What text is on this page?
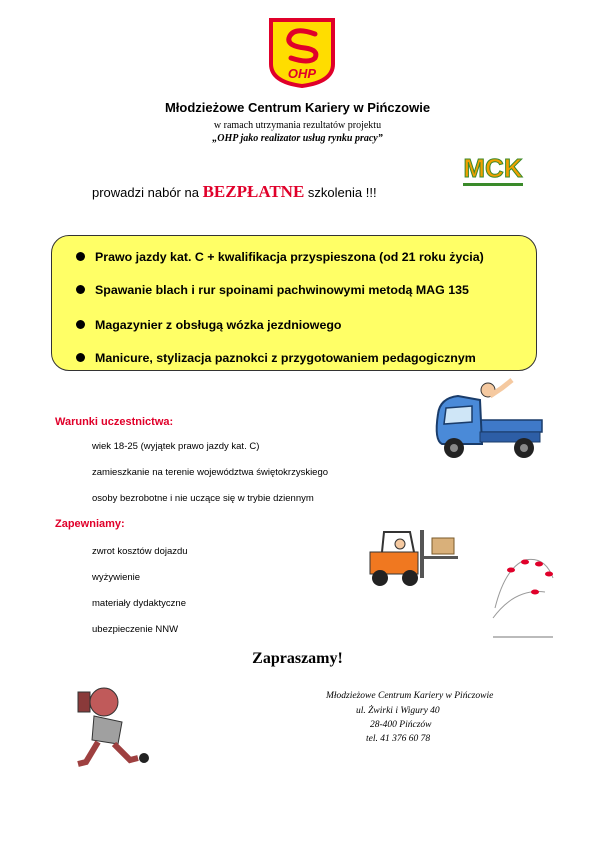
OHP
Młodzieżowe Centrum Kariery w Pińczowie
w ramach utrzymania rezultatów projektu
„OHP jako realizator usług rynku pracy”
MCK
prowadzi nabór na BEZPŁATNE szkolenia !!!
Prawo jazdy kat. C + kwalifikacja przyspieszona (od 21 roku życia)
Spawanie blach i rur spoinami pachwinowymi metodą MAG 135
Magazynier z obsługą wózka jezdniowego
Manicure, stylizacja paznokci z przygotowaniem pedagogicznym
Warunki uczestnictwa:
wiek 18-25 (wyjątek prawo jazdy kat. C)
zamieszkanie na terenie województwa świętokrzyskiego
osoby bezrobotne i nie uczące się w trybie dziennym
Zapewniamy:
zwrot kosztów dojazdu
wyżywienie
materiały dydaktyczne
ubezpieczenie NNW
Zapraszamy!
Młodzieżowe Centrum Kariery w Pińczowie
ul. Żwirki i Wigury 40
28-400 Pińczów
tel. 41 376 60 78
